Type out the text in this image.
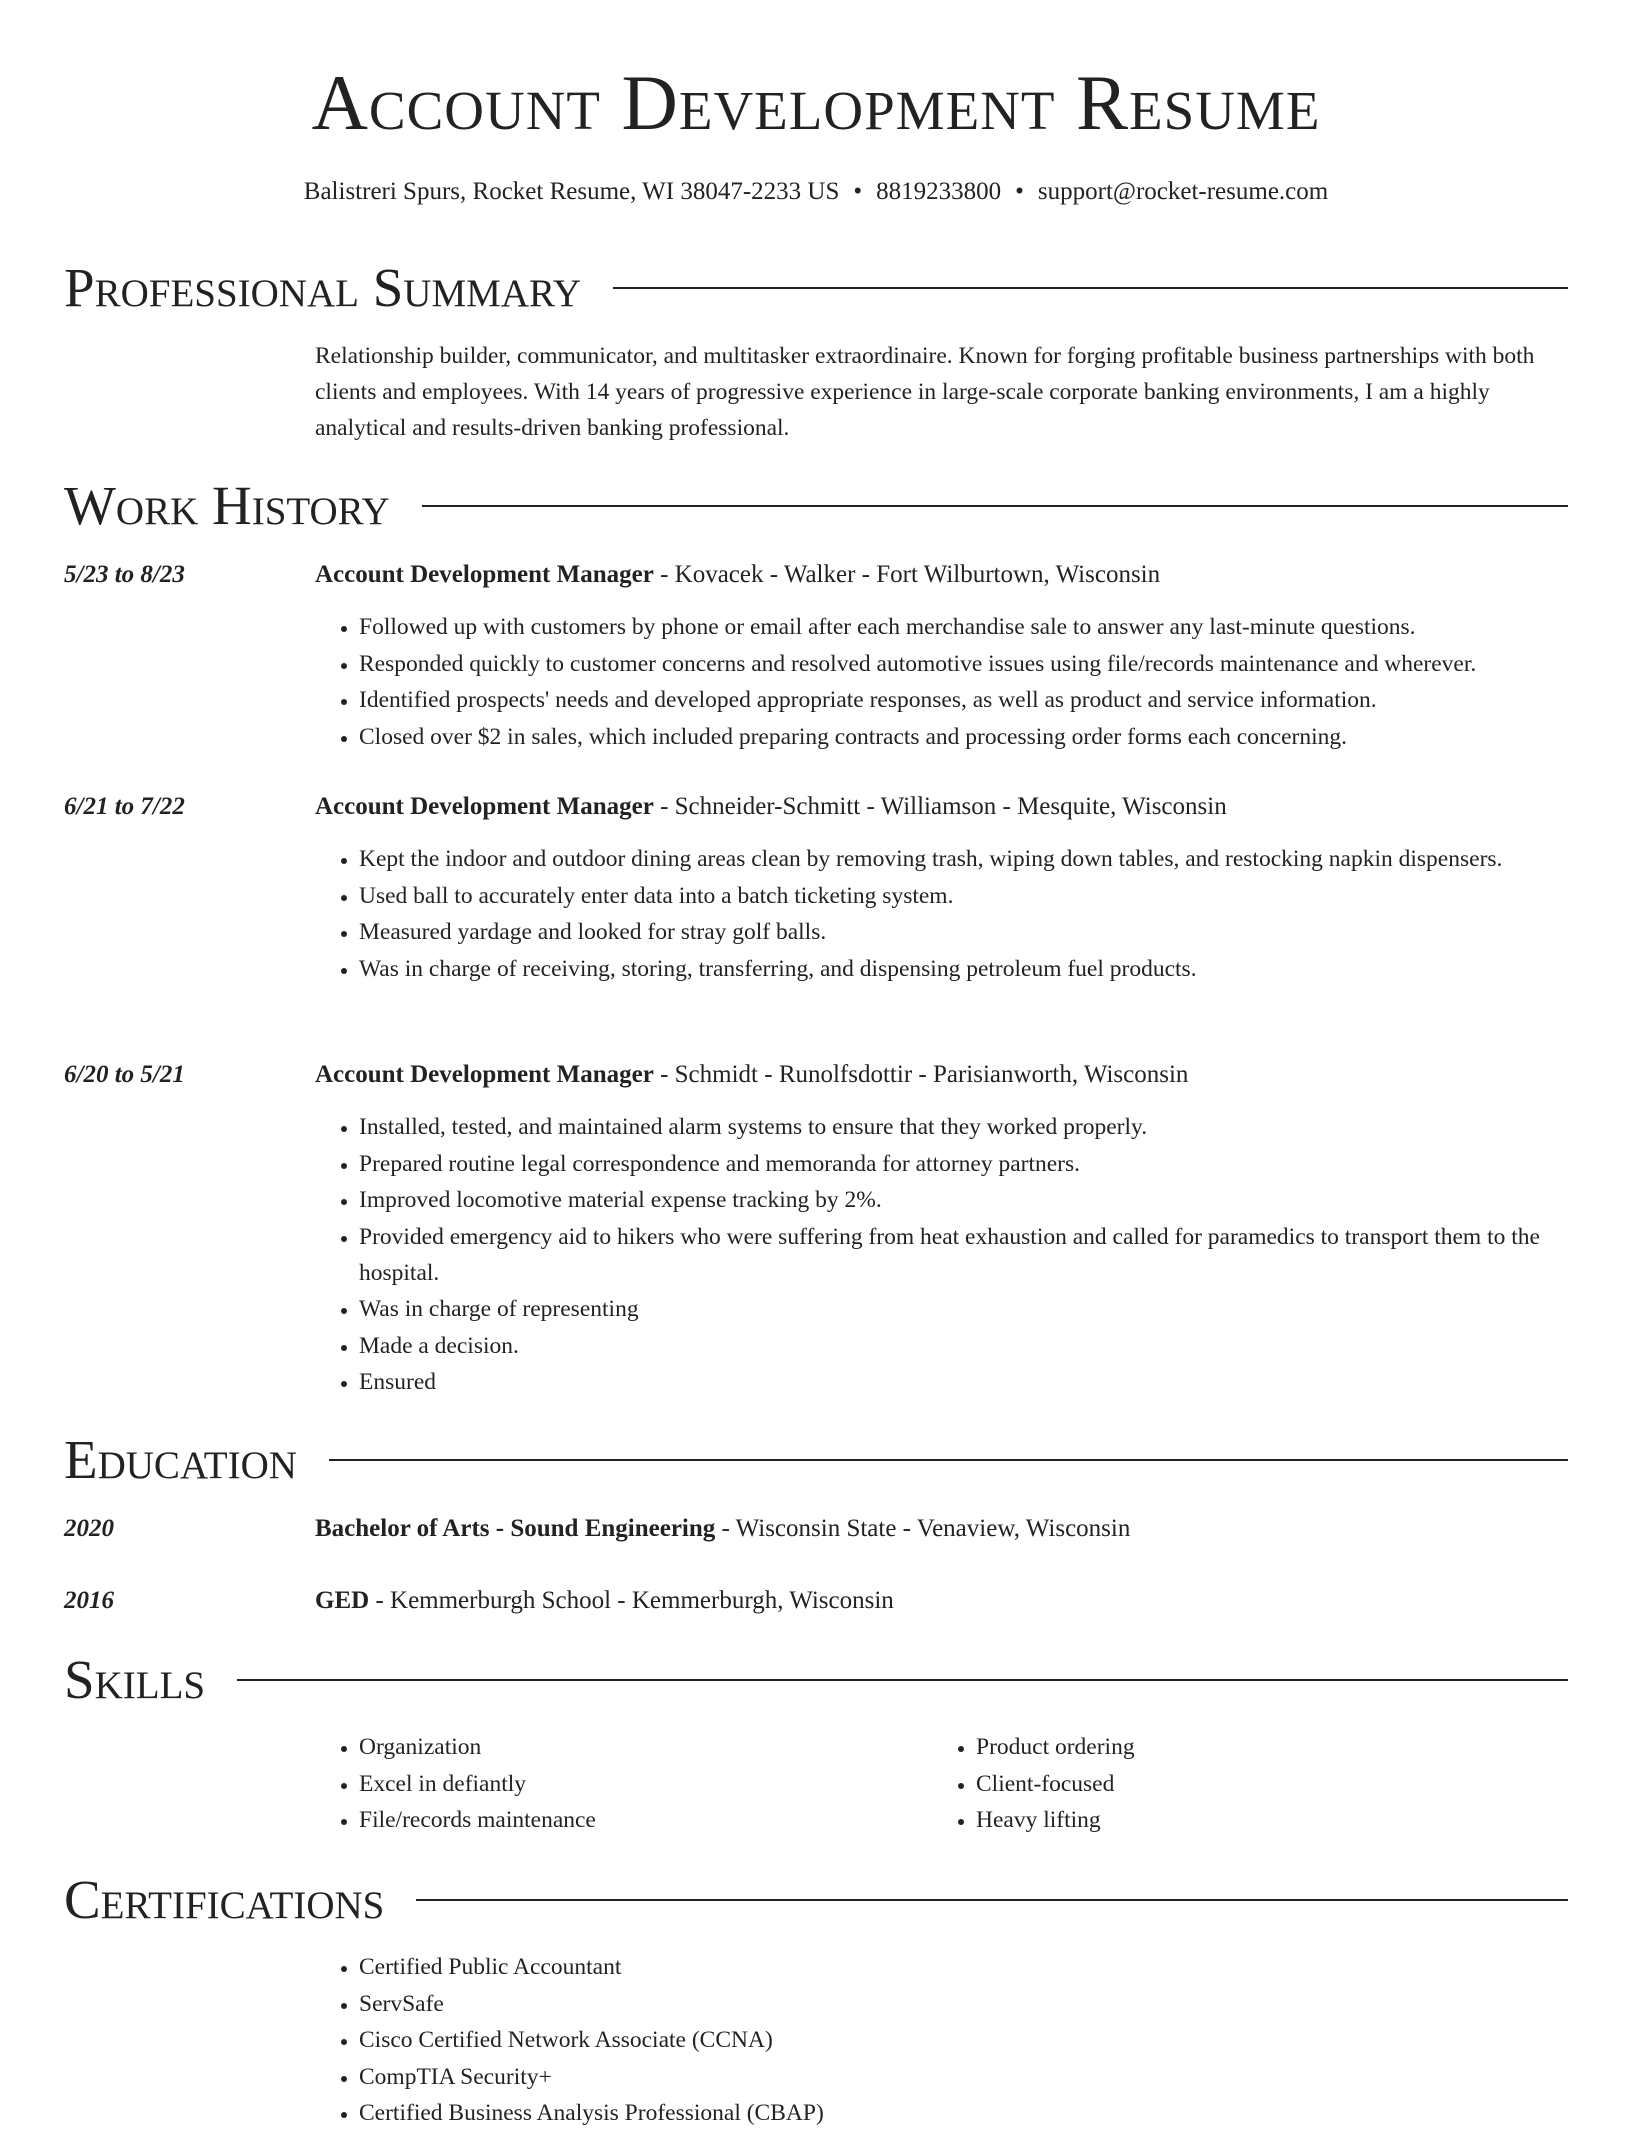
Account Development Resume
Balistreri Spurs, Rocket Resume, WI 38047-2233 US • 8819233800 • support@rocket-resume.com
Professional Summary
Relationship builder, communicator, and multitasker extraordinaire. Known for forging profitable business partnerships with both clients and employees. With 14 years of progressive experience in large-scale corporate banking environments, I am a highly analytical and results-driven banking professional.
Work History
5/23 to 8/23	Account Development Manager - Kovacek - Walker - Fort Wilburtown, Wisconsin
• Followed up with customers by phone or email after each merchandise sale to answer any last-minute questions.
• Responded quickly to customer concerns and resolved automotive issues using file/records maintenance and wherever.
• Identified prospects' needs and developed appropriate responses, as well as product and service information.
• Closed over $2 in sales, which included preparing contracts and processing order forms each concerning.
6/21 to 7/22	Account Development Manager - Schneider-Schmitt - Williamson - Mesquite, Wisconsin
• Kept the indoor and outdoor dining areas clean by removing trash, wiping down tables, and restocking napkin dispensers.
• Used ball to accurately enter data into a batch ticketing system.
• Measured yardage and looked for stray golf balls.
• Was in charge of receiving, storing, transferring, and dispensing petroleum fuel products.
6/20 to 5/21	Account Development Manager - Schmidt - Runolfsdottir - Parisianworth, Wisconsin
• Installed, tested, and maintained alarm systems to ensure that they worked properly.
• Prepared routine legal correspondence and memoranda for attorney partners.
• Improved locomotive material expense tracking by 2%.
• Provided emergency aid to hikers who were suffering from heat exhaustion and called for paramedics to transport them to the hospital.
• Was in charge of representing
• Made a decision.
• Ensured
Education
2020	Bachelor of Arts - Sound Engineering - Wisconsin State - Venaview, Wisconsin
2016	GED - Kemmerburgh School - Kemmerburgh, Wisconsin
Skills
• Organization
• Excel in defiantly
• File/records maintenance
• Product ordering
• Client-focused
• Heavy lifting
Certifications
• Certified Public Accountant
• ServSafe
• Cisco Certified Network Associate (CCNA)
• CompTIA Security+
• Certified Business Analysis Professional (CBAP)
